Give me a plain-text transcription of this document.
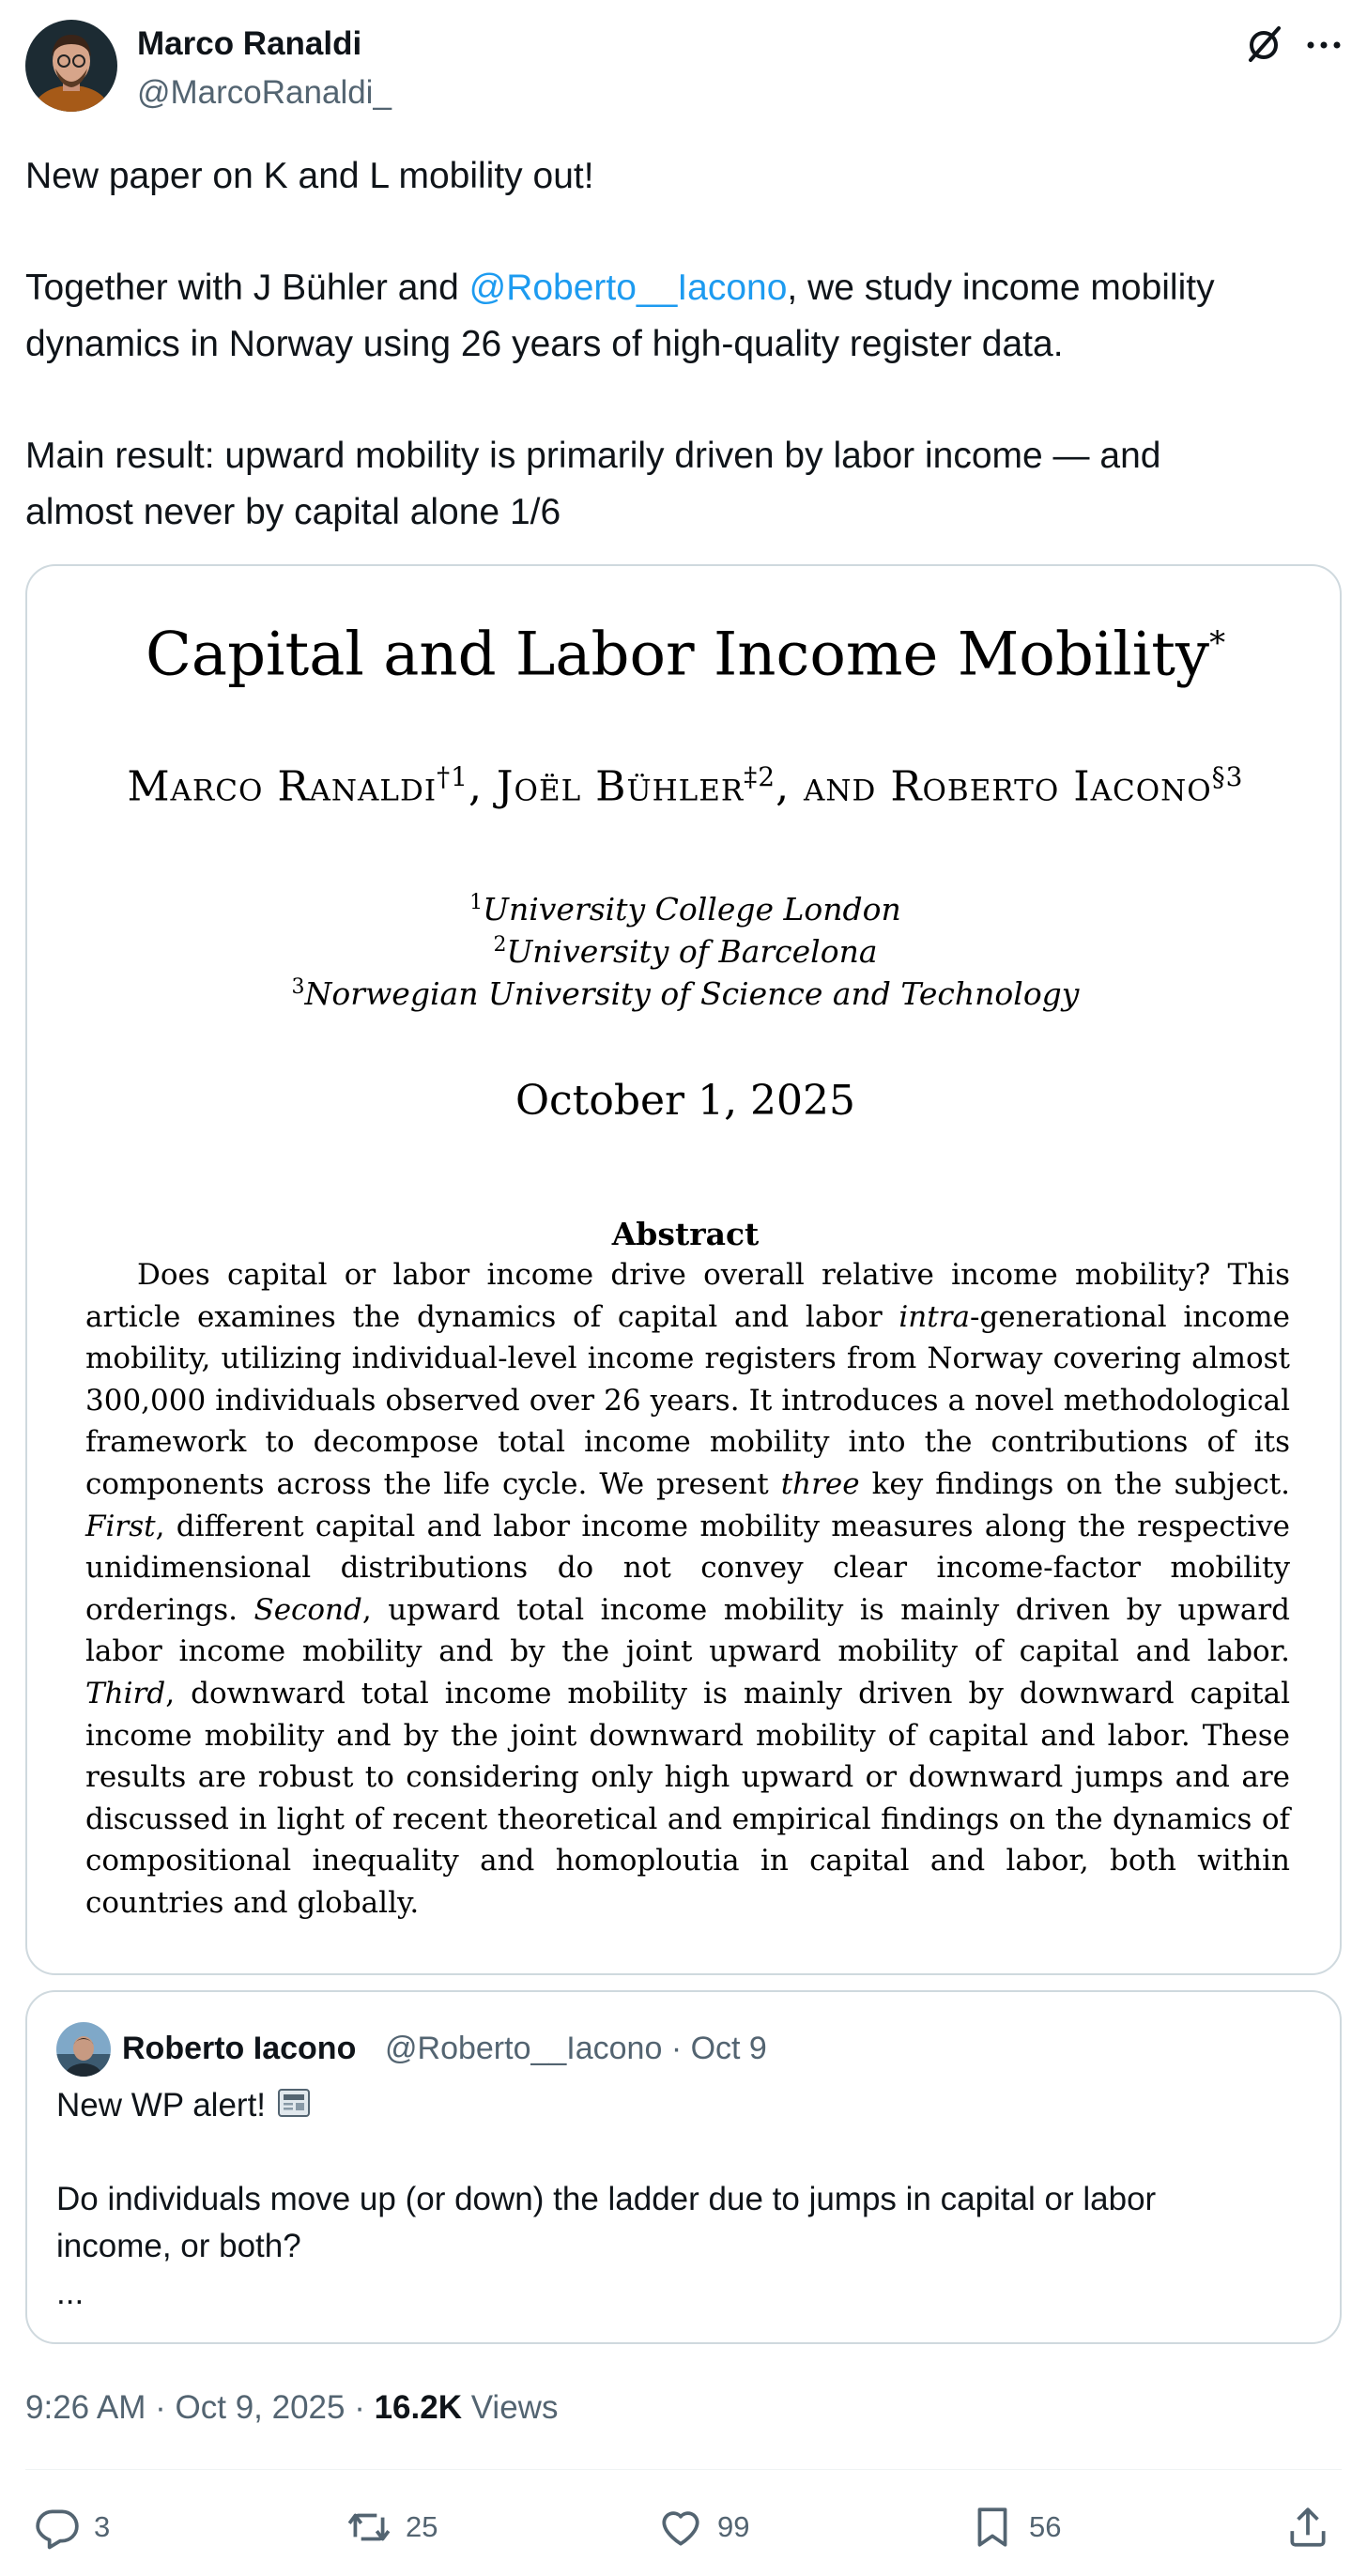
Marco Ranaldi
@MarcoRanaldi_
New paper on K and L mobility out!
Together with J Bühler and @Roberto__Iacono, we study income mobility
dynamics in Norway using 26 years of high-quality register data.
Main result: upward mobility is primarily driven by labor income — and
almost never by capital alone 1/6
Capital and Labor Income Mobility*
Marco Ranaldi$^{\dagger 1}$, Joël Bühler$^{\ddagger 2}$, and Roberto Iacono$^{\S 3}$
$^1$University College London
$^2$University of Barcelona
$^3$Norwegian University of Science and Technology
October 1, 2025
Abstract
Does capital or labor income drive overall relative income mobility? This article examines the dynamics of capital and labor intra-generational income mobility, utilizing individual-level income registers from Norway covering almost 300,000 individuals observed over 26 years. It introduces a novel methodological framework to decompose total income mobility into the contributions of its components across the life cycle. We present three key findings on the subject. First, different capital and labor income mobility measures along the respective unidimensional distributions do not convey clear income-factor mobility orderings. Second, upward total income mobility is mainly driven by upward labor income mobility and by the joint upward mobility of capital and labor. Third, downward total income mobility is mainly driven by downward capital income mobility and by the joint downward mobility of capital and labor. These results are robust to considering only high upward or downward jumps and are discussed in light of recent theoretical and empirical findings on the dynamics of compositional inequality and homoploutia in capital and labor, both within countries and globally.
Roberto Iacono @Roberto__Iacono · Oct 9
New WP alert!
Do individuals move up (or down) the ladder due to jumps in capital or labor
income, or both?
...
9:26 AM · Oct 9, 2025 · 16.2K Views
3	25	99	56
